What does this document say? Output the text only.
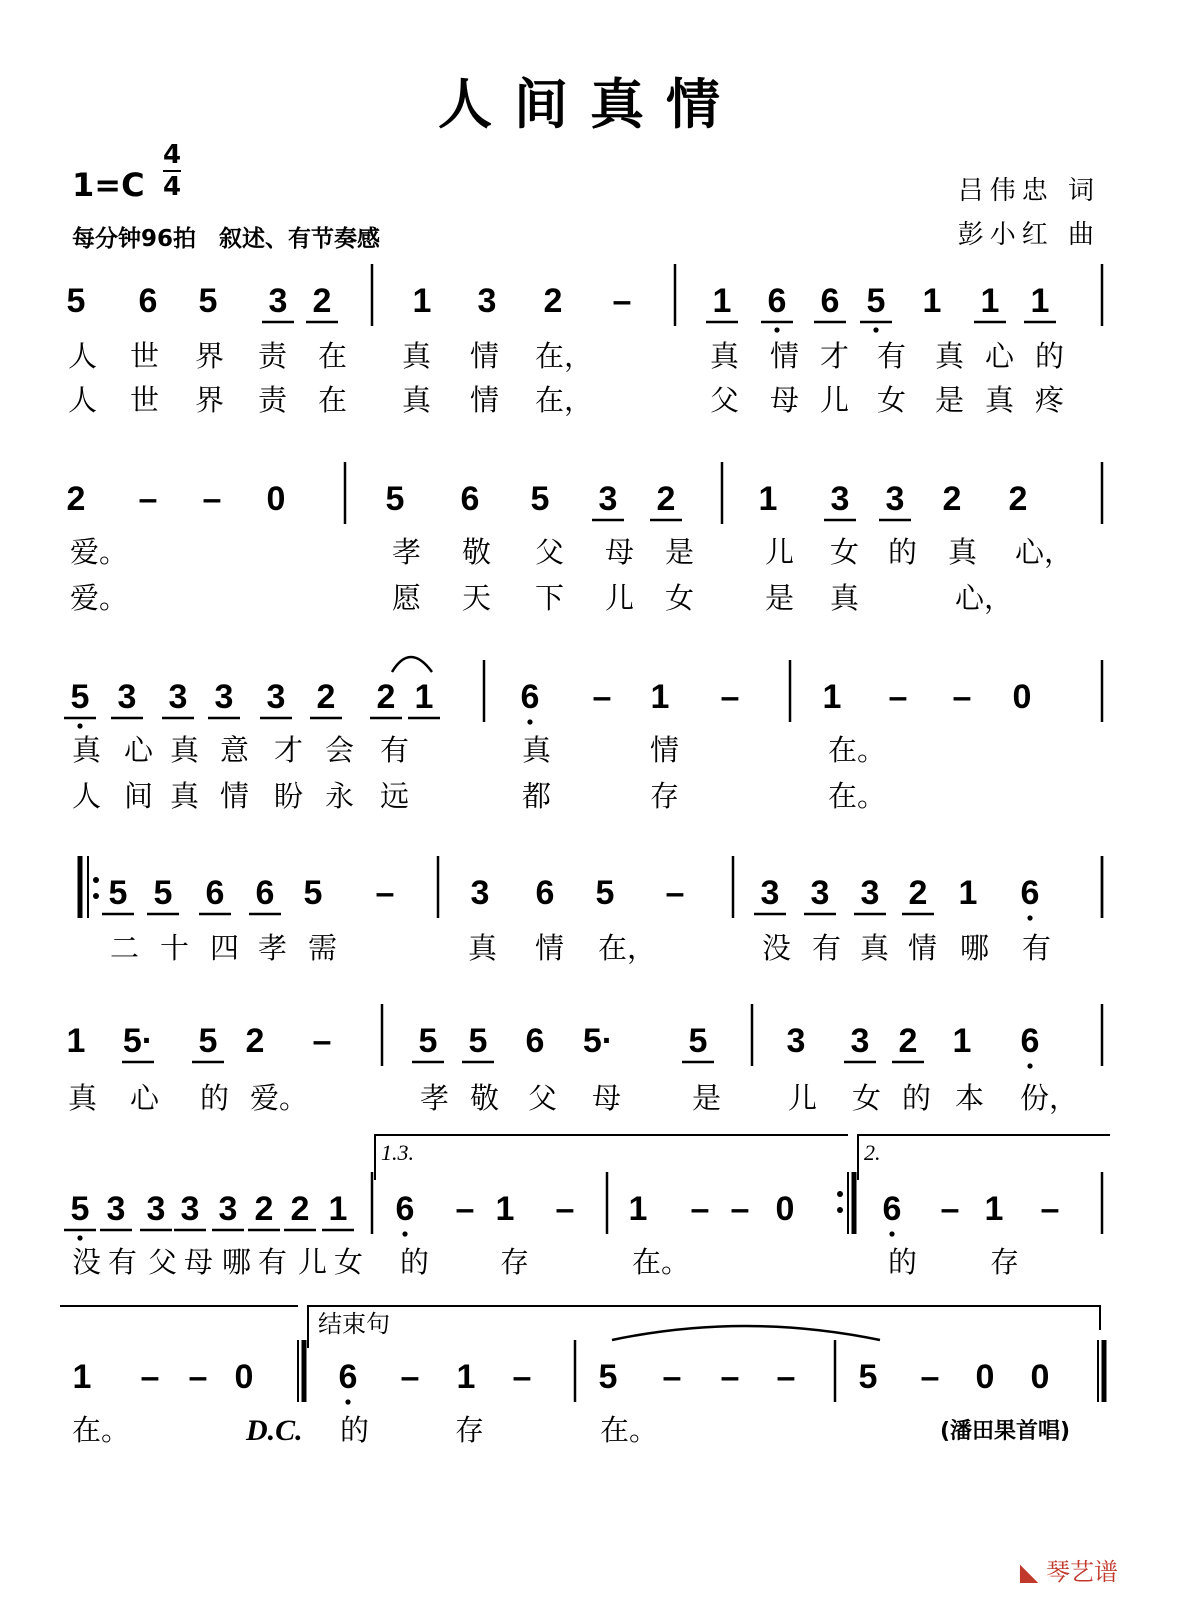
人间真情
1=C
4
4
每分钟96拍　叙述、有节奏感
吕伟忠 词
彭小红 曲
5 6 5 3 2 1 3 2 – 1 6 6 5 1 1 1
人 世 界 责 在 真 情 在，	真 情 才 有 真 心 的
人 世 界 责 在 真 情 在，	父 母 儿 女 是 真 疼
2 – – 0	5 6 5 3 2 1 3 3 2 2
爱。	孝 敬 父 母 是 儿 女 的 真 心，
爱。	愿 天 下 儿 女 是 真	心，
5 3 3 3 3 2 2 1	6 – 1 – 1 – – 0
真 心 真 意 才 会 有	真	情	在。
人 间 真 情 盼 永 远	都	存	在。
5 5 6 6 5 – 3 6 5 – 3 3 3 2 1 6
二 十 四 孝 需	真 情 在，	没 有 真 情 哪 有
1 5· 5 2 –	5 5 6 5· 5 3 3 2 1 6
真 心 的 爱。	孝 敬 父 母 是 儿 女 的 本 份，
5 3 3 3 3 2 2 1 6 – 1 – 1 – – 0	6 – 1 –
没 有 父 母 哪 有 儿 女 的 存	在。	的	存
1 – – 0	6 – 1 – 5 – – – 5 – 0 0
在。	的	存	在。
D.C.	(潘田果首唱)
1.3.	2.
结束句
◣ 琴艺谱
